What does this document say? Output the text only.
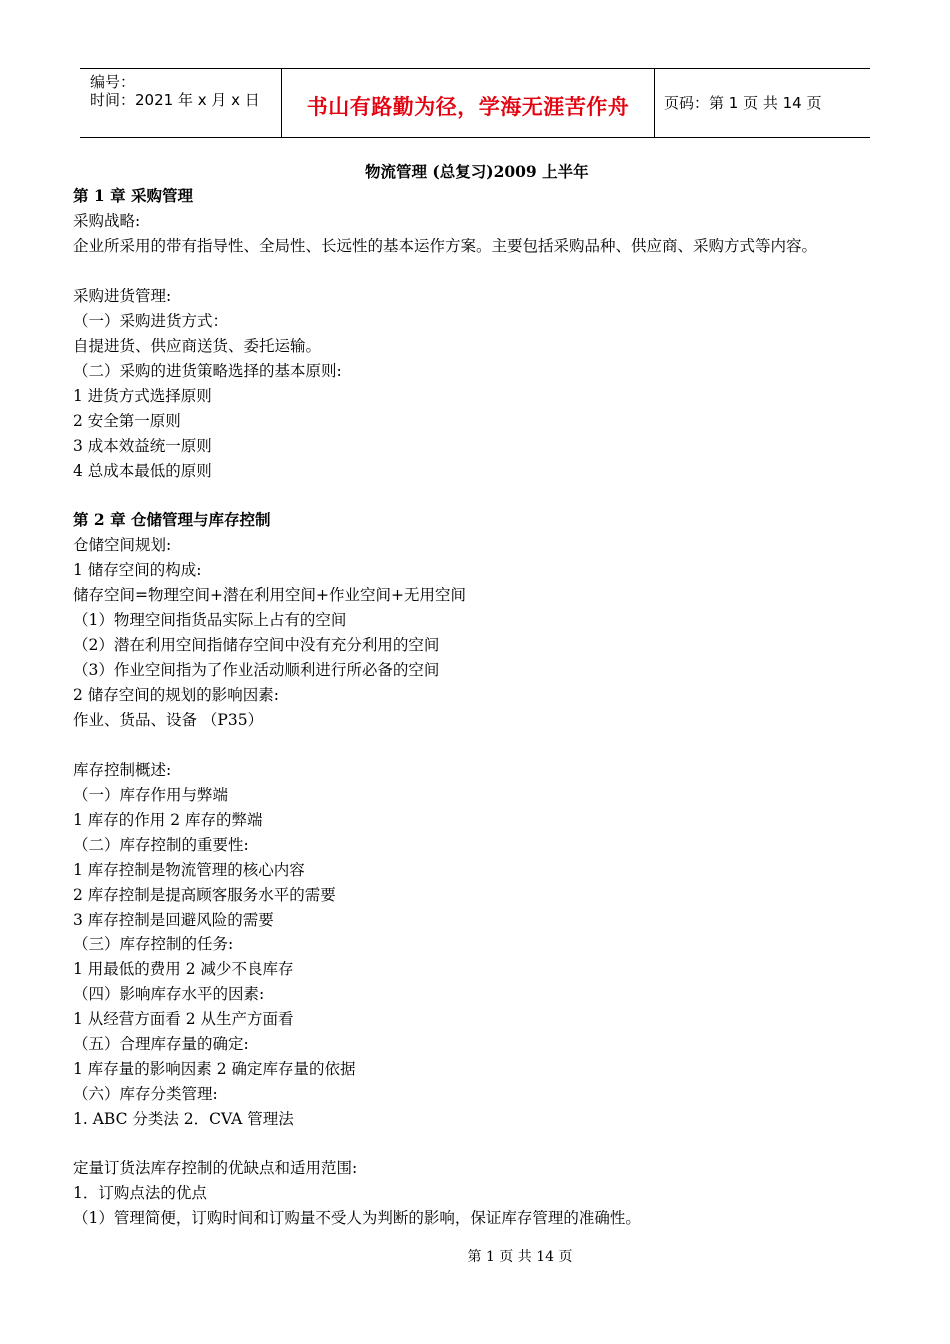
编号：
时间：2021 年 x 月 x 日	书山有路勤为径，学海无涯苦作舟	页码：第 1 页 共 14 页
物流管理 (总复习)2009 上半年
第 1 章 采购管理
采购战略:
企业所采用的带有指导性、全局性、长远性的基本运作方案。主要包括采购品种、供应商、采购方式等内容。
采购进货管理:
（一）采购进货方式：
自提进货、供应商送货、委托运输。
（二）采购的进货策略选择的基本原则:
1 进货方式选择原则
2 安全第一原则
3 成本效益统一原则
4 总成本最低的原则
第 2 章 仓储管理与库存控制
仓储空间规划:
1 储存空间的构成:
储存空间=物理空间+潜在利用空间+作业空间+无用空间
（1）物理空间指货品实际上占有的空间
（2）潜在利用空间指储存空间中没有充分利用的空间
（3）作业空间指为了作业活动顺利进行所必备的空间
2 储存空间的规划的影响因素:
作业、货品、设备 （P35）
库存控制概述:
（一）库存作用与弊端
1 库存的作用 2 库存的弊端
（二）库存控制的重要性:
1 库存控制是物流管理的核心内容
2 库存控制是提高顾客服务水平的需要
3 库存控制是回避风险的需要
（三）库存控制的任务:
1 用最低的费用 2 减少不良库存
（四）影响库存水平的因素:
1 从经营方面看 2 从生产方面看
（五）合理库存量的确定:
1 库存量的影响因素 2 确定库存量的依据
（六）库存分类管理:
1. ABC 分类法 2．CVA 管理法
定量订货法库存控制的优缺点和适用范围:
1．订购点法的优点
（1）管理简便，订购时间和订购量不受人为判断的影响，保证库存管理的准确性。
第 1 页 共 14 页
